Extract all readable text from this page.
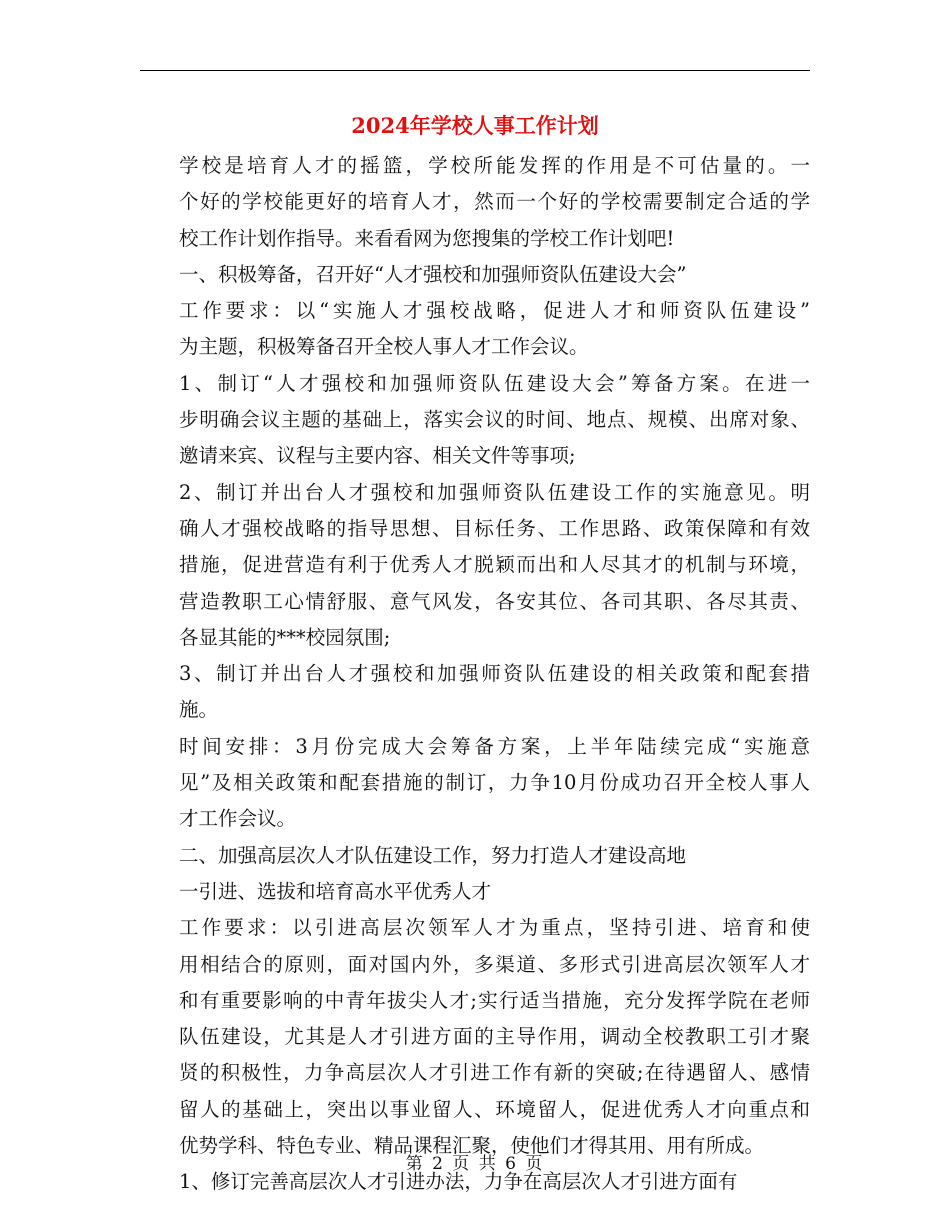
2024年学校人事工作计划
学校是培育人才的摇篮，学校所能发挥的作用是不可估量的。一
个好的学校能更好的培育人才，然而一个好的学校需要制定合适的学
校工作计划作指导。来看看网为您搜集的学校工作计划吧!
一、积极筹备，召开好“人才强校和加强师资队伍建设大会”
工作要求：以“实施人才强校战略，促进人才和师资队伍建设”
为主题，积极筹备召开全校人事人才工作会议。
1、制订“人才强校和加强师资队伍建设大会”筹备方案。在进一
步明确会议主题的基础上，落实会议的时间、地点、规模、出席对象、
邀请来宾、议程与主要内容、相关文件等事项;
2、制订并出台人才强校和加强师资队伍建设工作的实施意见。明
确人才强校战略的指导思想、目标任务、工作思路、政策保障和有效
措施，促进营造有利于优秀人才脱颖而出和人尽其才的机制与环境，
营造教职工心情舒服、意气风发，各安其位、各司其职、各尽其责、
各显其能的***校园氛围;
3、制订并出台人才强校和加强师资队伍建设的相关政策和配套措
施。
时间安排：3月份完成大会筹备方案，上半年陆续完成“实施意
见”及相关政策和配套措施的制订，力争10月份成功召开全校人事人
才工作会议。
二、加强高层次人才队伍建设工作，努力打造人才建设高地
一引进、选拔和培育高水平优秀人才
工作要求：以引进高层次领军人才为重点，坚持引进、培育和使
用相结合的原则，面对国内外，多渠道、多形式引进高层次领军人才
和有重要影响的中青年拔尖人才;实行适当措施，充分发挥学院在老师
队伍建设，尤其是人才引进方面的主导作用，调动全校教职工引才聚
贤的积极性，力争高层次人才引进工作有新的突破;在待遇留人、感情
留人的基础上，突出以事业留人、环境留人，促进优秀人才向重点和
优势学科、特色专业、精品课程汇聚，使他们才得其用、用有所成。
1、修订完善高层次人才引进办法，力争在高层次人才引进方面有
第 2 页 共 6 页
